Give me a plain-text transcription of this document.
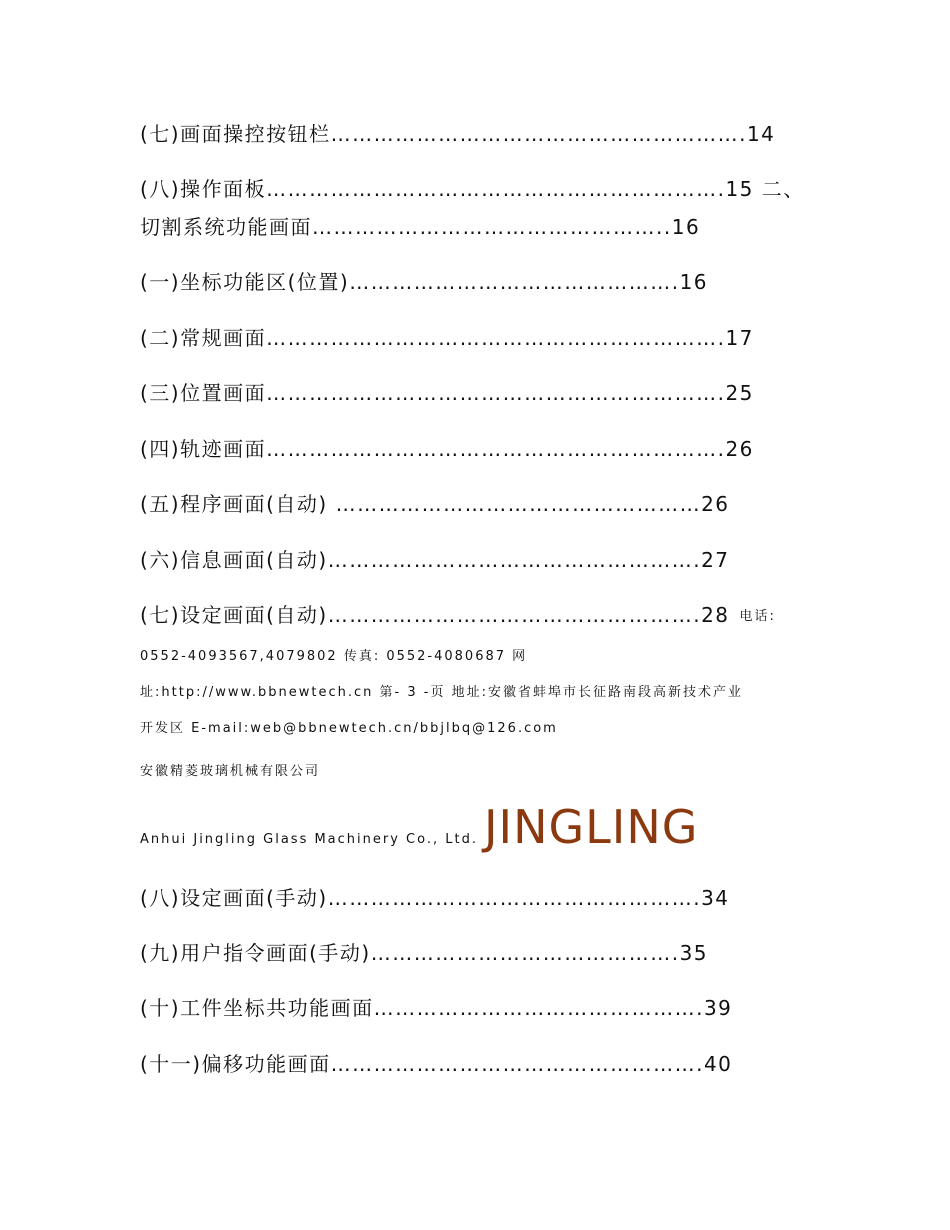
(七)画面操控按钮栏………………………………………………….14
(八)操作面板……………………………………………………….15 二、
切割系统功能画面…………………………………………..16
(一)坐标功能区(位置)……………………………………….16
(二)常规画面……………………………………………………….17
(三)位置画面……………………………………………………….25
(四)轨迹画面……………………………………………………….26
(五)程序画面(自动) ……………………………………………26
(六)信息画面(自动)…………………………………………….27
(七)设定画面(自动)…………………………………………….28 电话:
0552-4093567,4079802 传真: 0552-4080687 网
址:http://www.bbnewtech.cn 第- 3 -页 地址:安徽省蚌埠市长征路南段高新技术产业
开发区 E-mail:web@bbnewtech.cn/bbjlbq@126.com
安徽精菱玻璃机械有限公司
Anhui Jingling Glass Machinery Co., Ltd. JINGLING
(八)设定画面(手动)…………………………………………….34
(九)用户指令画面(手动)…………………………………….35
(十)工件坐标共功能画面……………………………………….39
(十一)偏移功能画面…………………………………………….40
